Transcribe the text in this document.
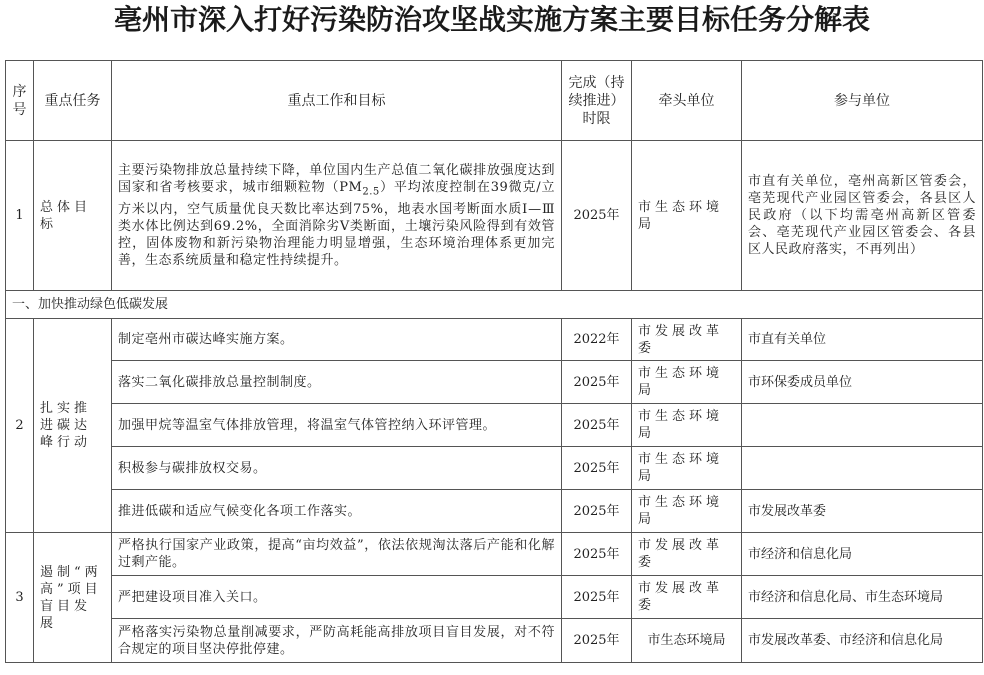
亳州市深入打好污染防治攻坚战实施方案主要目标任务分解表
序号	重点任务	重点工作和目标	完成（持续推进）时限	牵头单位	参与单位
1	总体目标	主要污染物排放总量持续下降，单位国内生产总值二氧化碳排放强度达到国家和省考核要求，城市细颗粒物$(PM_{2.5})$平均浓度控制在39微克/立方米以内，空气质量优良天数比率达到75%，地表水国考断面水质Ⅰ—Ⅲ类水体比例达到69.2%，全面消除劣V类断面，土壤污染风险得到有效管控，固体废物和新污染物治理能力明显增强，生态环境治理体系更加完善，生态系统质量和稳定性持续提升。	2025年	市生态环境局	市直有关单位，亳州高新区管委会，亳芜现代产业园区管委会，各县区人民政府（以下均需亳州高新区管委会、亳芜现代产业园区管委会、各县区人民政府落实，不再列出）
一、加快推动绿色低碳发展					
2	扎实推进碳达峰行动	制定亳州市碳达峰实施方案。	2022年	市发展改革委	市直有关单位
		落实二氧化碳排放总量控制制度。	2025年	市生态环境局	市环保委成员单位
		加强甲烷等温室气体排放管理，将温室气体管控纳入环评管理。	2025年	市生态环境局	
		积极参与碳排放权交易。	2025年	市生态环境局	
		推进低碳和适应气候变化各项工作落实。	2025年	市生态环境局	市发展改革委
3	遏制“两高”项目盲目发展	严格执行国家产业政策，提高“亩均效益”，依法依规淘汰落后产能和化解过剩产能。	2025年	市发展改革委	市经济和信息化局
		严把建设项目准入关口。	2025年	市发展改革委	市经济和信息化局、市生态环境局
		严格落实污染物总量削减要求，严防高耗能高排放项目盲目发展，对不符合规定的项目坚决停批停建。	2025年	市生态环境局	市发展改革委、市经济和信息化局
